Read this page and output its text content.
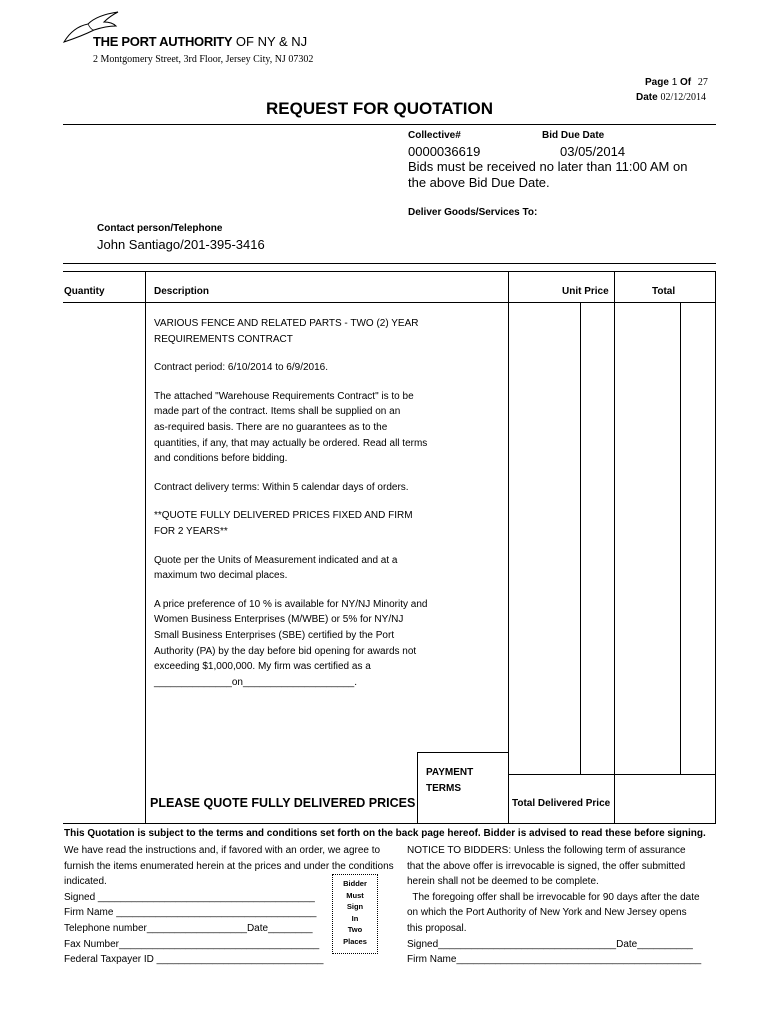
THE PORT AUTHORITY OF NY & NJ
2 Montgomery Street, 3rd Floor, Jersey City, NJ 07302
Page 1 Of 27
Date 02/12/2014
REQUEST FOR QUOTATION
Collective#	Bid Due Date
0000036619	03/05/2014
Bids must be received no later than 11:00 AM on
the above Bid Due Date.
Deliver Goods/Services To:
Contact person/Telephone
John Santiago/201-395-3416
Quantity	Description	Unit Price	Total

VARIOUS FENCE AND RELATED PARTS - TWO (2) YEAR
REQUIREMENTS CONTRACT

Contract period: 6/10/2014 to 6/9/2016.

The attached "Warehouse Requirements Contract" is to be
made part of the contract. Items shall be supplied on an
as-required basis. There are no guarantees as to the
quantities, if any, that may actually be ordered. Read all terms
and conditions before bidding.

Contract delivery terms: Within 5 calendar days of orders.

**QUOTE FULLY DELIVERED PRICES FIXED AND FIRM
FOR 2 YEARS**

Quote per the Units of Measurement indicated and at a
maximum two decimal places.

A price preference of 10 % is available for NY/NJ Minority and
Women Business Enterprises (M/WBE) or 5% for NY/NJ
Small Business Enterprises (SBE) certified by the Port
Authority (PA) by the day before bid opening for awards not
exceeding $1,000,000. My firm was certified as a
______________on____________________.

PAYMENT
TERMS
PLEASE QUOTE FULLY DELIVERED PRICES	Total Delivered Price
This Quotation is subject to the terms and conditions set forth on the back page hereof. Bidder is advised to read these before signing.
We have read the instructions and, if favored with an order, we agree to
furnish the items enumerated herein at the prices and under the conditions
indicated.
Signed _______________________________________
Firm Name ____________________________________
Telephone number__________________Date________
Fax Number____________________________________
Federal Taxpayer ID ______________________________
Bidder
Must
Sign
In
Two
Places
NOTICE TO BIDDERS: Unless the following term of assurance
that the above offer is irrevocable is signed, the offer submitted
herein shall not be deemed to be complete.
The foregoing offer shall be irrevocable for 90 days after the date
on which the Port Authority of New York and New Jersey opens
this proposal.
Signed________________________________Date__________
Firm Name____________________________________________
